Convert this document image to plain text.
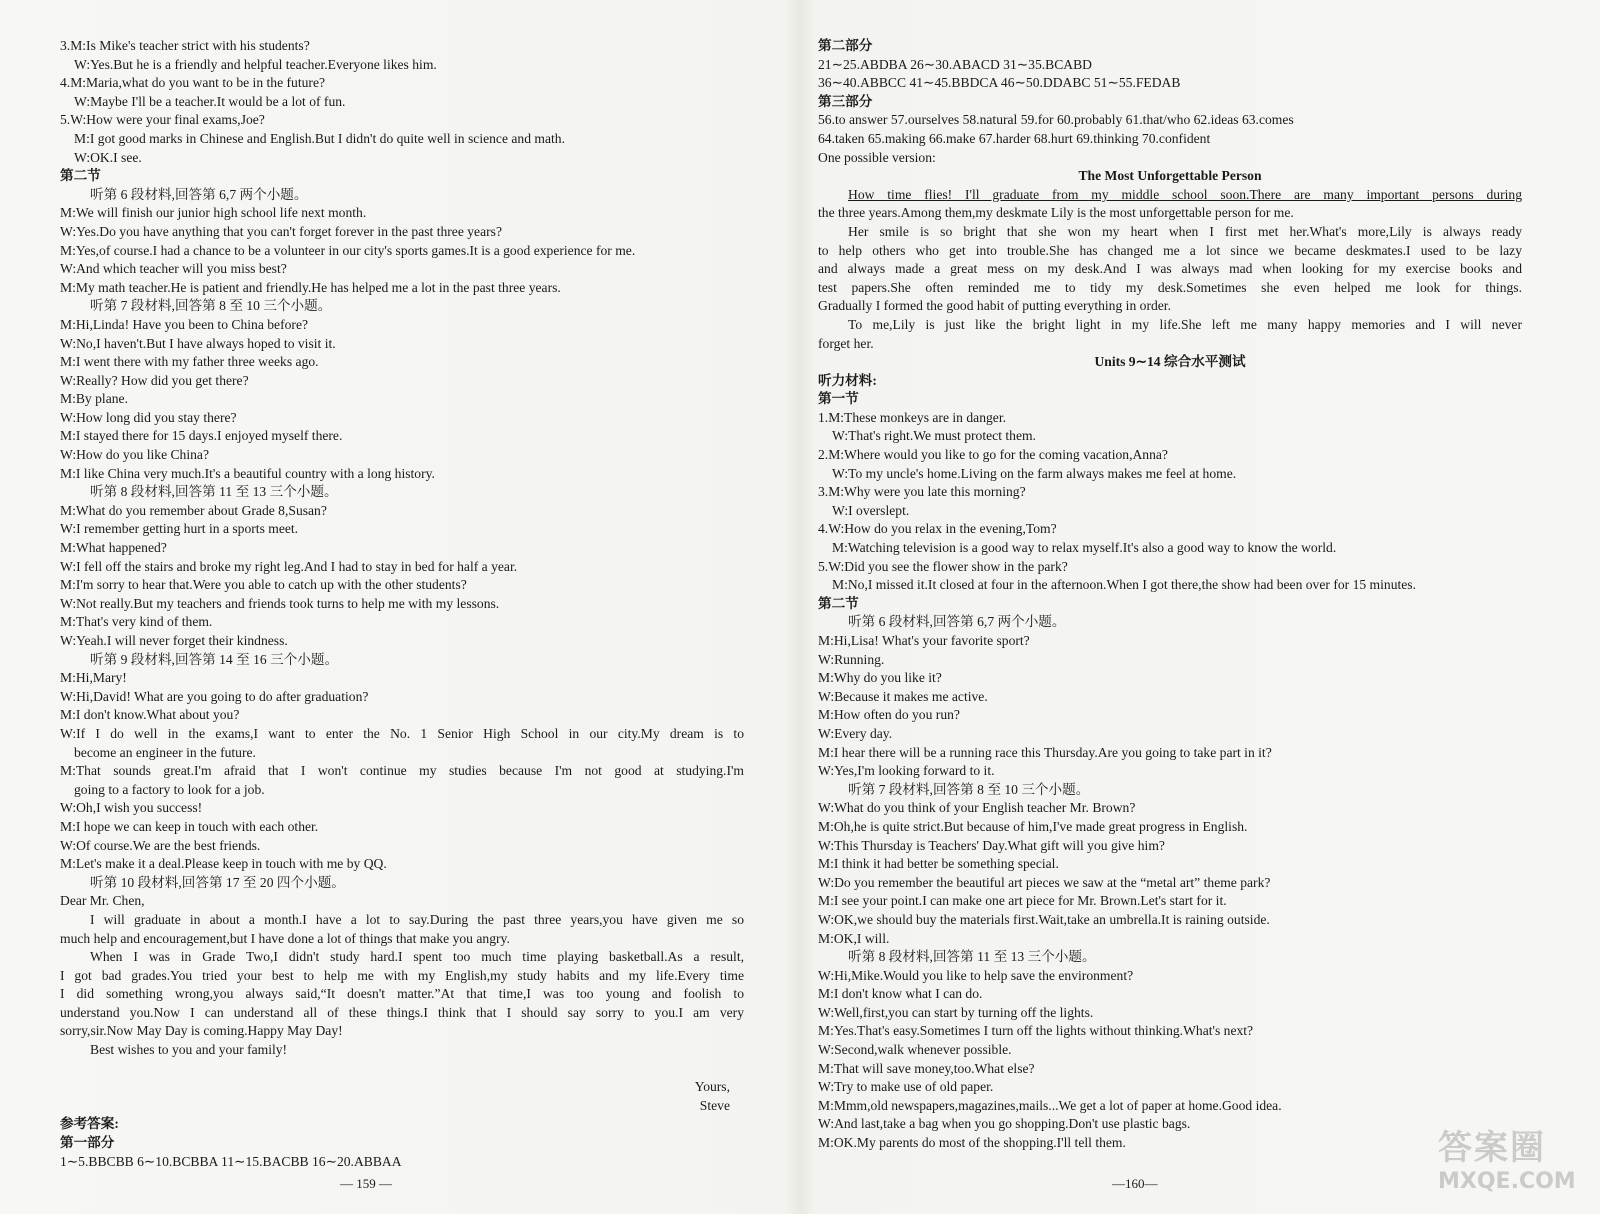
3.M:Is Mike's teacher strict with his students?
W:Yes.But he is a friendly and helpful teacher.Everyone likes him.
4.M:Maria,what do you want to be in the future?
W:Maybe I'll be a teacher.It would be a lot of fun.
5.W:How were your final exams,Joe?
M:I got good marks in Chinese and English.But I didn't do quite well in science and math.
W:OK.I see.
第二节
听第 6 段材料,回答第 6,7 两个小题。
M:We will finish our junior high school life next month.
W:Yes.Do you have anything that you can't forget forever in the past three years?
M:Yes,of course.I had a chance to be a volunteer in our city's sports games.It is a good experience for me.
W:And which teacher will you miss best?
M:My math teacher.He is patient and friendly.He has helped me a lot in the past three years.
听第 7 段材料,回答第 8 至 10 三个小题。
M:Hi,Linda! Have you been to China before?
W:No,I haven't.But I have always hoped to visit it.
M:I went there with my father three weeks ago.
W:Really? How did you get there?
M:By plane.
W:How long did you stay there?
M:I stayed there for 15 days.I enjoyed myself there.
W:How do you like China?
M:I like China very much.It's a beautiful country with a long history.
听第 8 段材料,回答第 11 至 13 三个小题。
M:What do you remember about Grade 8,Susan?
W:I remember getting hurt in a sports meet.
M:What happened?
W:I fell off the stairs and broke my right leg.And I had to stay in bed for half a year.
M:I'm sorry to hear that.Were you able to catch up with the other students?
W:Not really.But my teachers and friends took turns to help me with my lessons.
M:That's very kind of them.
W:Yeah.I will never forget their kindness.
听第 9 段材料,回答第 14 至 16 三个小题。
M:Hi,Mary!
W:Hi,David! What are you going to do after graduation?
M:I don't know.What about you?
W:If I do well in the exams,I want to enter the No. 1 Senior High School in our city.My dream is to
become an engineer in the future.
M:That sounds great.I'm afraid that I won't continue my studies because I'm not good at studying.I'm
going to a factory to look for a job.
W:Oh,I wish you success!
M:I hope we can keep in touch with each other.
W:Of course.We are the best friends.
M:Let's make it a deal.Please keep in touch with me by QQ.
听第 10 段材料,回答第 17 至 20 四个小题。
Dear Mr. Chen,
I will graduate in about a month.I have a lot to say.During the past three years,you have given me so
much help and encouragement,but I have done a lot of things that make you angry.
When I was in Grade Two,I didn't study hard.I spent too much time playing basketball.As a result,
I got bad grades.You tried your best to help me with my English,my study habits and my life.Every time
I did something wrong,you always said,“It doesn't matter.”At that time,I was too young and foolish to
understand you.Now I can understand all of these things.I think that I should say sorry to you.I am very
sorry,sir.Now May Day is coming.Happy May Day!
Best wishes to you and your family!
Yours,
Steve
参考答案:
第一部分
1∼5.BBCBB 6∼10.BCBBA 11∼15.BACBB 16∼20.ABBAA
第二部分
21∼25.ABDBA 26∼30.ABACD 31∼35.BCABD
36∼40.ABBCC 41∼45.BBDCA 46∼50.DDABC 51∼55.FEDAB
第三部分
56.to answer 57.ourselves 58.natural 59.for 60.probably 61.that/who 62.ideas 63.comes
64.taken 65.making 66.make 67.harder 68.hurt 69.thinking 70.confident
One possible version:
The Most Unforgettable Person
How time flies! I'll graduate from my middle school soon.There are many important persons during
the three years.Among them,my deskmate Lily is the most unforgettable person for me.
Her smile is so bright that she won my heart when I first met her.What's more,Lily is always ready
to help others who get into trouble.She has changed me a lot since we became deskmates.I used to be lazy
and always made a great mess on my desk.And I was always mad when looking for my exercise books and
test papers.She often reminded me to tidy my desk.Sometimes she even helped me look for things.
Gradually I formed the good habit of putting everything in order.
To me,Lily is just like the bright light in my life.She left me many happy memories and I will never
forget her.
Units 9∼14 综合水平测试
听力材料:
第一节
1.M:These monkeys are in danger.
W:That's right.We must protect them.
2.M:Where would you like to go for the coming vacation,Anna?
W:To my uncle's home.Living on the farm always makes me feel at home.
3.M:Why were you late this morning?
W:I overslept.
4.W:How do you relax in the evening,Tom?
M:Watching television is a good way to relax myself.It's also a good way to know the world.
5.W:Did you see the flower show in the park?
M:No,I missed it.It closed at four in the afternoon.When I got there,the show had been over for 15 minutes.
第二节
听第 6 段材料,回答第 6,7 两个小题。
M:Hi,Lisa! What's your favorite sport?
W:Running.
M:Why do you like it?
W:Because it makes me active.
M:How often do you run?
W:Every day.
M:I hear there will be a running race this Thursday.Are you going to take part in it?
W:Yes,I'm looking forward to it.
听第 7 段材料,回答第 8 至 10 三个小题。
W:What do you think of your English teacher Mr. Brown?
M:Oh,he is quite strict.But because of him,I've made great progress in English.
W:This Thursday is Teachers' Day.What gift will you give him?
M:I think it had better be something special.
W:Do you remember the beautiful art pieces we saw at the “metal art” theme park?
M:I see your point.I can make one art piece for Mr. Brown.Let's start for it.
W:OK,we should buy the materials first.Wait,take an umbrella.It is raining outside.
M:OK,I will.
听第 8 段材料,回答第 11 至 13 三个小题。
W:Hi,Mike.Would you like to help save the environment?
M:I don't know what I can do.
W:Well,first,you can start by turning off the lights.
M:Yes.That's easy.Sometimes I turn off the lights without thinking.What's next?
W:Second,walk whenever possible.
M:That will save money,too.What else?
W:Try to make use of old paper.
M:Mmm,old newspapers,magazines,mails...We get a lot of paper at home.Good idea.
W:And last,take a bag when you go shopping.Don't use plastic bags.
M:OK.My parents do most of the shopping.I'll tell them.
— 159 —	—160—
答案圈
MXQE.COM
